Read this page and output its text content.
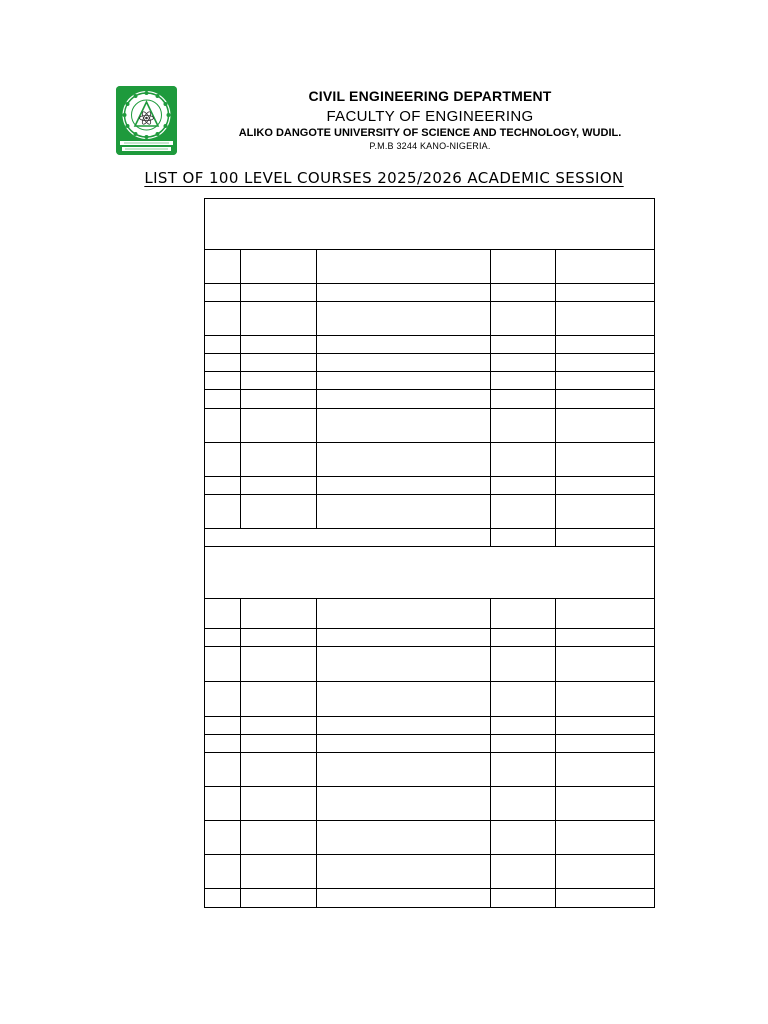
CIVIL ENGINEERING DEPARTMENT
FACULTY OF ENGINEERING
ALIKO DANGOTE UNIVERSITY OF SCIENCE AND TECHNOLOGY, WUDIL.
P.M.B 3244 KANO-NIGERIA.
LIST OF 100 LEVEL COURSES 2025/2026 ACADEMIC SESSION
